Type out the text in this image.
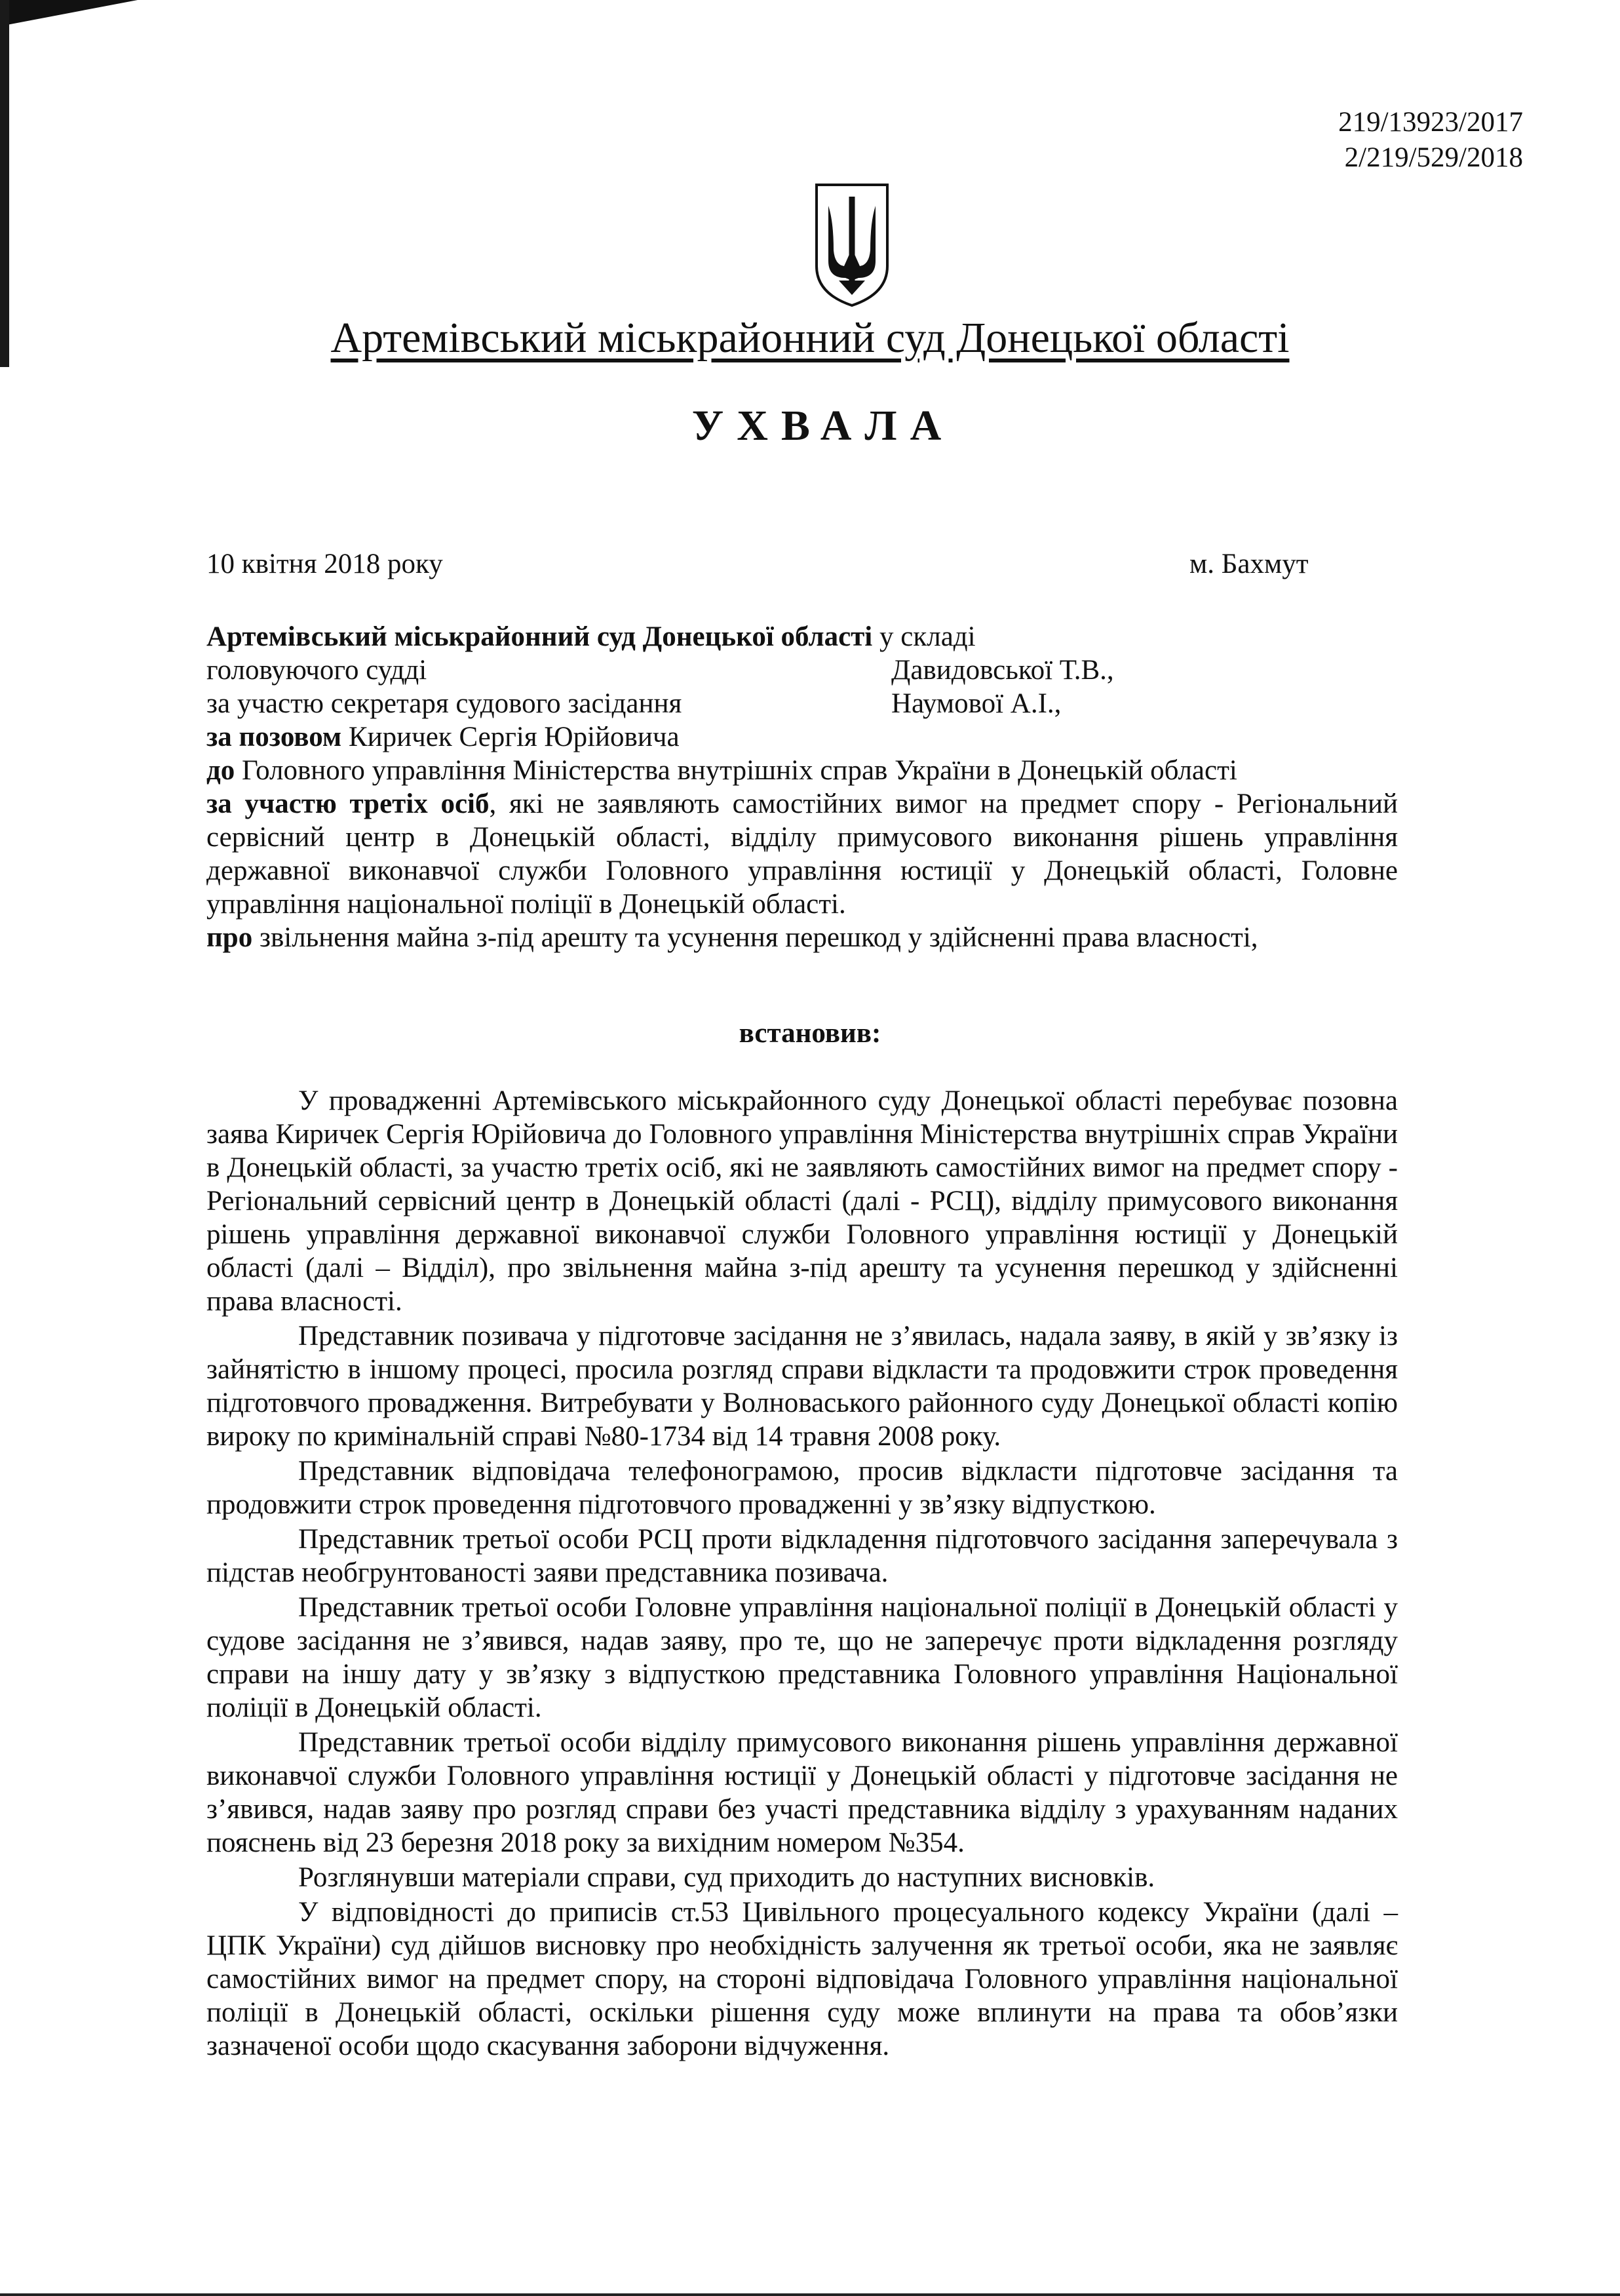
219/13923/2017
2/219/529/2018
Артемівський міськрайонний суд Донецької області
УХВАЛА
10 квітня 2018 року	м. Бахмут
Артемівський міськрайонний суд Донецької області у складі
головуючого судді	Давидовської Т.В.,
за участю секретаря судового засідання	Наумової А.І.,
за позовом Киричек Сергія Юрійовича
до Головного управління Міністерства внутрішніх справ України в Донецькій області
за участю третіх осіб, які не заявляють самостійних вимог на предмет спору - Регіональний сервісний центр в Донецькій області, відділу примусового виконання рішень управління державної виконавчої служби Головного управління юстиції у Донецькій області, Головне управління національної поліції в Донецькій області.
про звільнення майна з-під арешту та усунення перешкод у здійсненні права власності,
встановив:

У провадженні Артемівського міськрайонного суду Донецької області перебуває позовна заява Киричек Сергія Юрійовича до Головного управління Міністерства внутрішніх справ України в Донецькій області, за участю третіх осіб, які не заявляють самостійних вимог на предмет спору - Регіональний сервісний центр в Донецькій області (далі - РСЦ), відділу примусового виконання рішень управління державної виконавчої служби Головного управління юстиції у Донецькій області (далі – Відділ), про звільнення майна з-під арешту та усунення перешкод у здійсненні права власності.

Представник позивача у підготовче засідання не з’явилась, надала заяву, в якій у зв’язку із зайнятістю в іншому процесі, просила розгляд справи відкласти та продовжити строк проведення підготовчого провадження. Витребувати у Волноваського районного суду Донецької області копію вироку по кримінальній справі №80-1734 від 14 травня 2008 року.

Представник відповідача телефонограмою, просив відкласти підготовче засідання та продовжити строк проведення підготовчого провадженні у зв’язку відпусткою.

Представник третьої особи РСЦ проти відкладення підготовчого засідання заперечувала з підстав необгрунтованості заяви представника позивача.

Представник третьої особи Головне управління національної поліції в Донецькій області у судове засідання не з’явився, надав заяву, про те, що не заперечує проти відкладення розгляду справи на іншу дату у зв’язку з відпусткою представника Головного управління Національної поліції в Донецькій області.

Представник третьої особи відділу примусового виконання рішень управління державної виконавчої служби Головного управління юстиції у Донецькій області у підготовче засідання не з’явився, надав заяву про розгляд справи без участі представника відділу з урахуванням наданих пояснень від 23 березня 2018 року за вихідним номером №354.

Розглянувши матеріали справи, суд приходить до наступних висновків.

У відповідності до приписів ст.53 Цивільного процесуального кодексу України (далі – ЦПК України) суд дійшов висновку про необхідність залучення як третьої особи, яка не заявляє самостійних вимог на предмет спору, на стороні відповідача Головного управління національної поліції в Донецькій області, оскільки рішення суду може вплинути на права та обов’язки зазначеної особи щодо скасування заборони відчуження.
